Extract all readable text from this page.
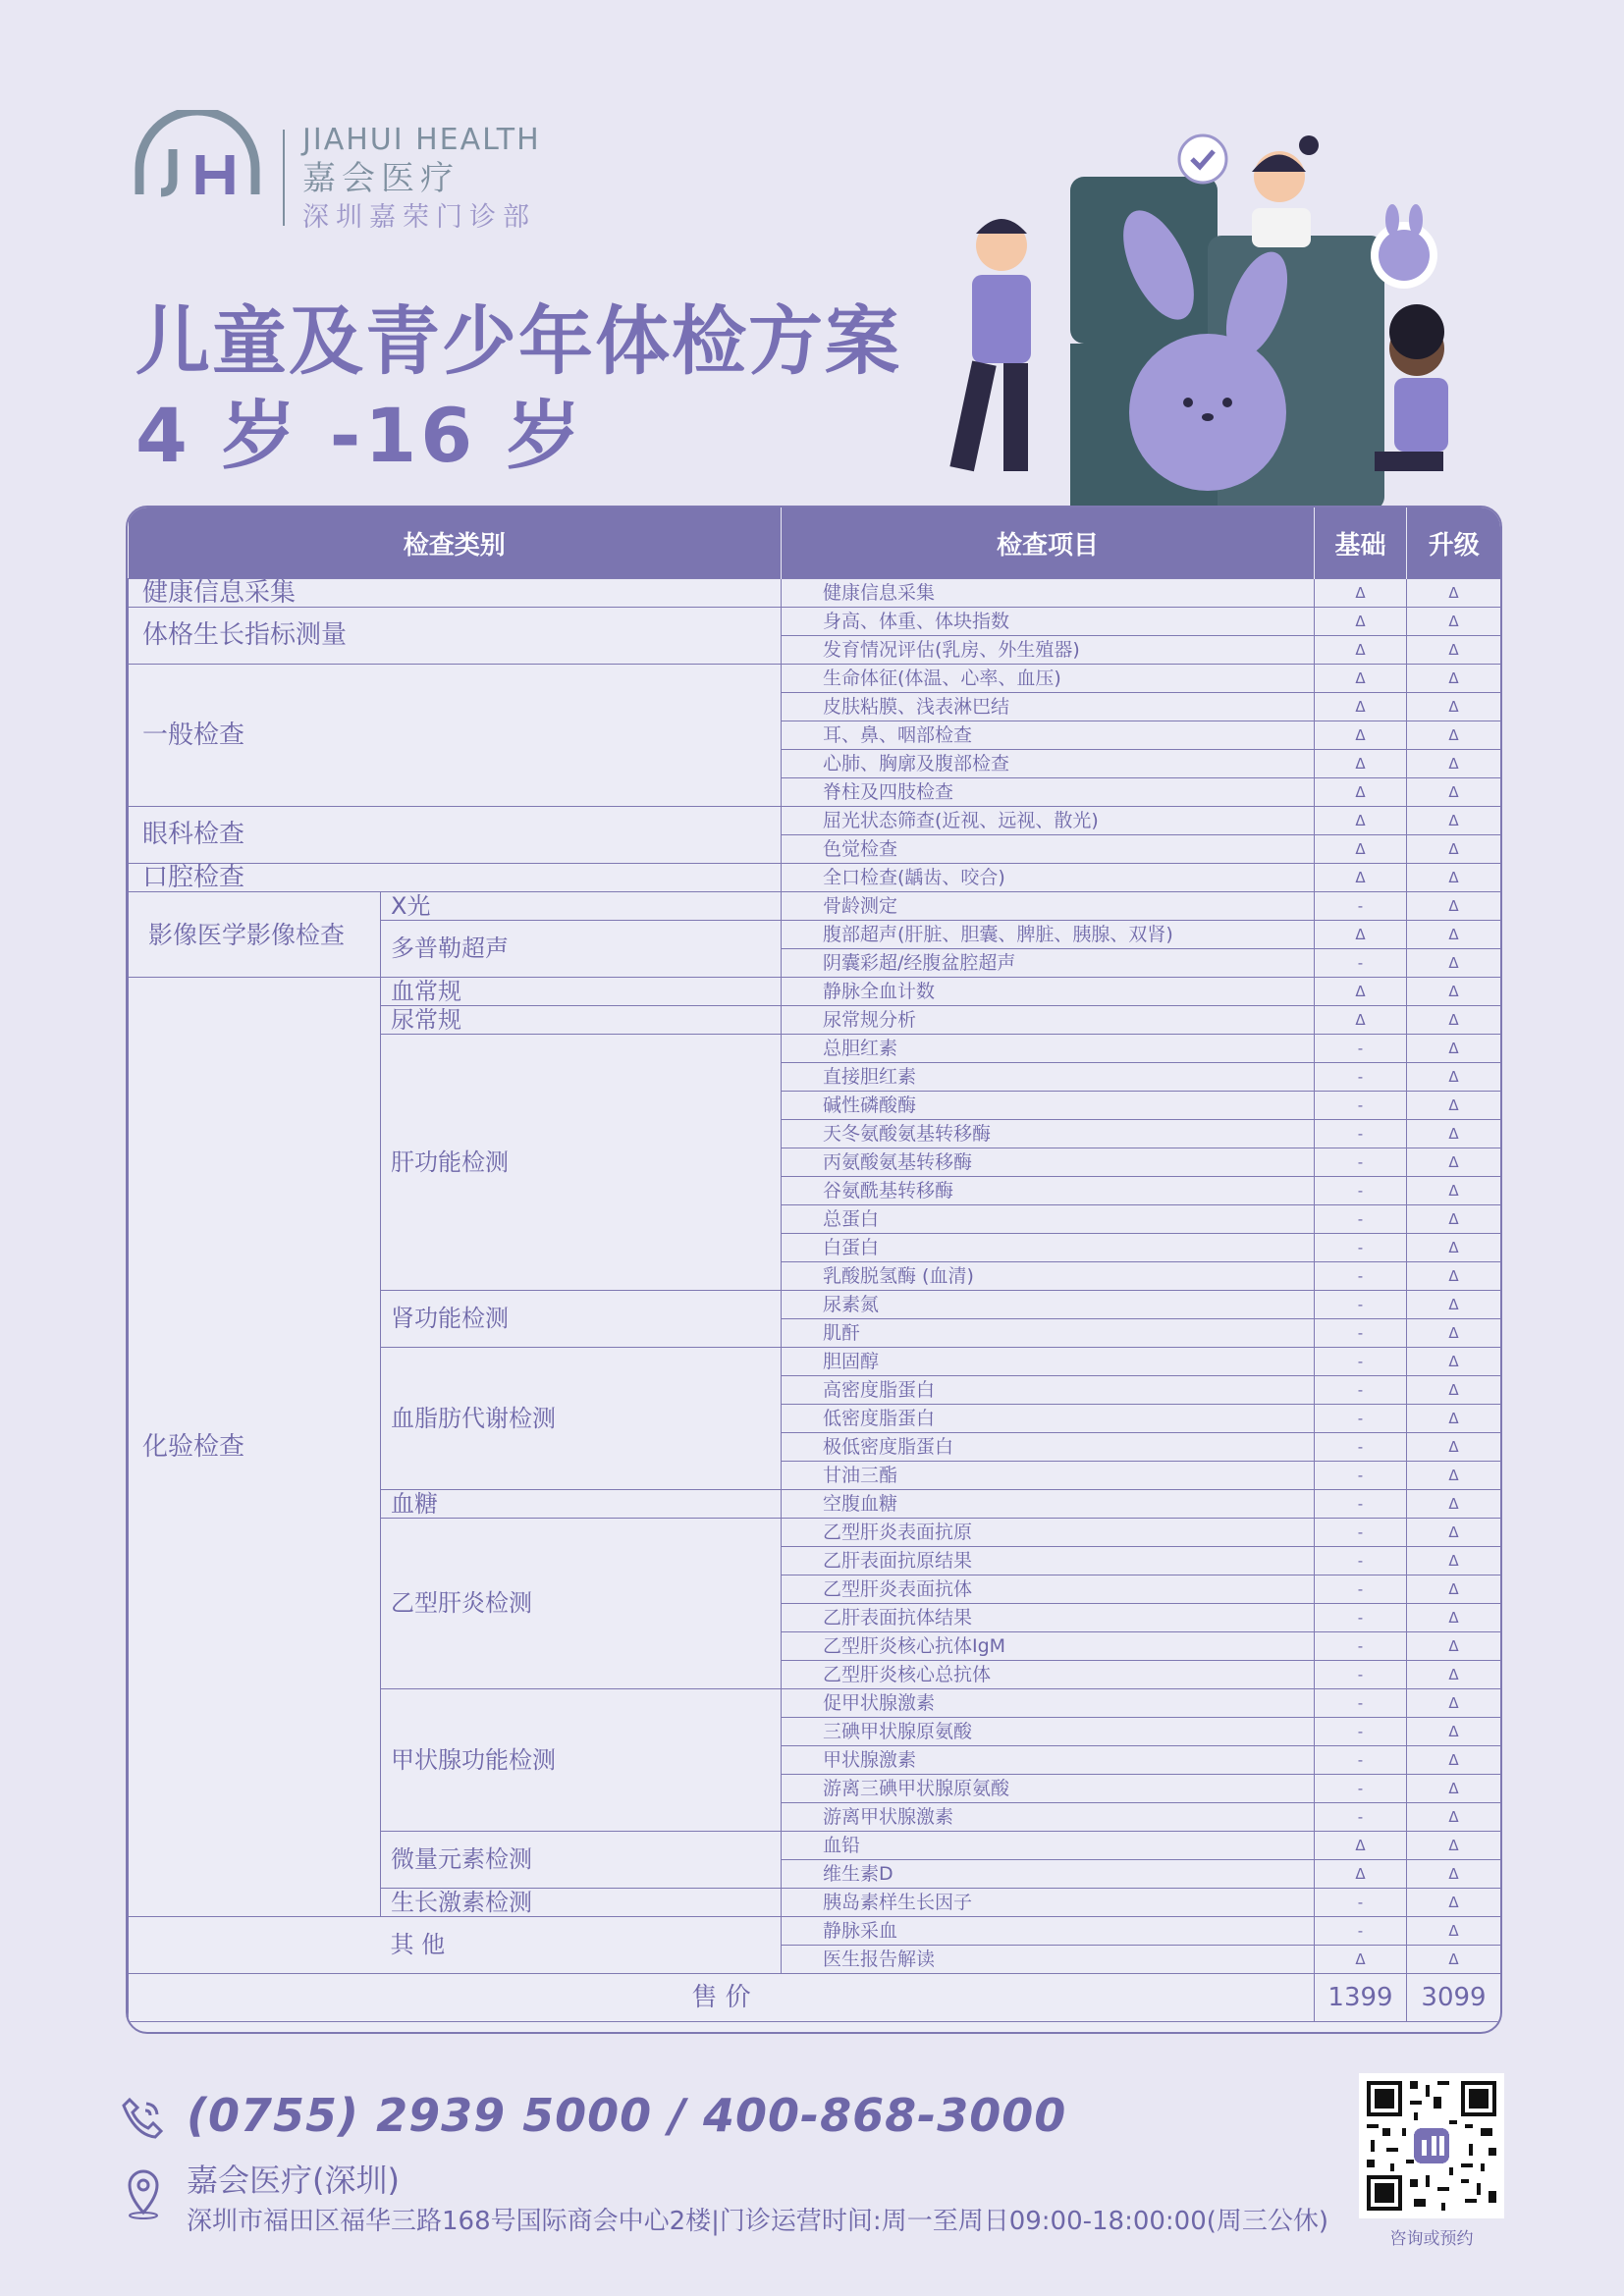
JIAHUI HEALTH
嘉会医疗
深圳嘉荣门诊部
儿童及青少年体检方案
4 岁 -16 岁
检查类别		检查项目	基础	升级
健康信息采集		健康信息采集	Δ	Δ
体格生长指标测量		身高、体重、体块指数	Δ	Δ
		发育情况评估(乳房、外生殖器)	Δ	Δ
一般检查		生命体征(体温、心率、血压)	Δ	Δ
		皮肤粘膜、浅表淋巴结	Δ	Δ
		耳、鼻、咽部检查	Δ	Δ
		心肺、胸廓及腹部检查	Δ	Δ
		脊柱及四肢检查	Δ	Δ
眼科检查		屈光状态筛查(近视、远视、散光)	Δ	Δ
		色觉检查	Δ	Δ
口腔检查		全口检查(龋齿、咬合)	Δ	Δ
影像医学影像检查	X光	骨龄测定	-	Δ
	多普勒超声	腹部超声(肝脏、胆囊、脾脏、胰腺、双肾)	Δ	Δ
		阴囊彩超/经腹盆腔超声	-	Δ
化验检查	血常规	静脉全血计数	Δ	Δ
	尿常规	尿常规分析	Δ	Δ
	肝功能检测	总胆红素	-	Δ
		直接胆红素	-	Δ
		碱性磷酸酶	-	Δ
		天冬氨酸氨基转移酶	-	Δ
		丙氨酸氨基转移酶	-	Δ
		谷氨酰基转移酶	-	Δ
		总蛋白	-	Δ
		白蛋白	-	Δ
		乳酸脱氢酶 (血清)	-	Δ
	肾功能检测	尿素氮	-	Δ
		肌酐	-	Δ
	血脂肪代谢检测	胆固醇	-	Δ
		高密度脂蛋白	-	Δ
		低密度脂蛋白	-	Δ
		极低密度脂蛋白	-	Δ
		甘油三酯	-	Δ
	血糖	空腹血糖	-	Δ
	乙型肝炎检测	乙型肝炎表面抗原	-	Δ
		乙肝表面抗原结果	-	Δ
		乙型肝炎表面抗体	-	Δ
		乙肝表面抗体结果	-	Δ
		乙型肝炎核心抗体IgM	-	Δ
		乙型肝炎核心总抗体	-	Δ
	甲状腺功能检测	促甲状腺激素	-	Δ
		三碘甲状腺原氨酸	-	Δ
		甲状腺激素	-	Δ
		游离三碘甲状腺原氨酸	-	Δ
		游离甲状腺激素	-	Δ
	微量元素检测	血铅	Δ	Δ
		维生素D	Δ	Δ
	生长激素检测	胰岛素样生长因子	-	Δ
	其 他	静脉采血	-	Δ
		医生报告解读	Δ	Δ
售 价			1399	3099
(0755) 2939 5000 / 400-868-3000
嘉会医疗(深圳)
深圳市福田区福华三路168号国际商会中心2楼|门诊运营时间:周一至周日09:00-18:00:00(周三公休)
咨询或预约
